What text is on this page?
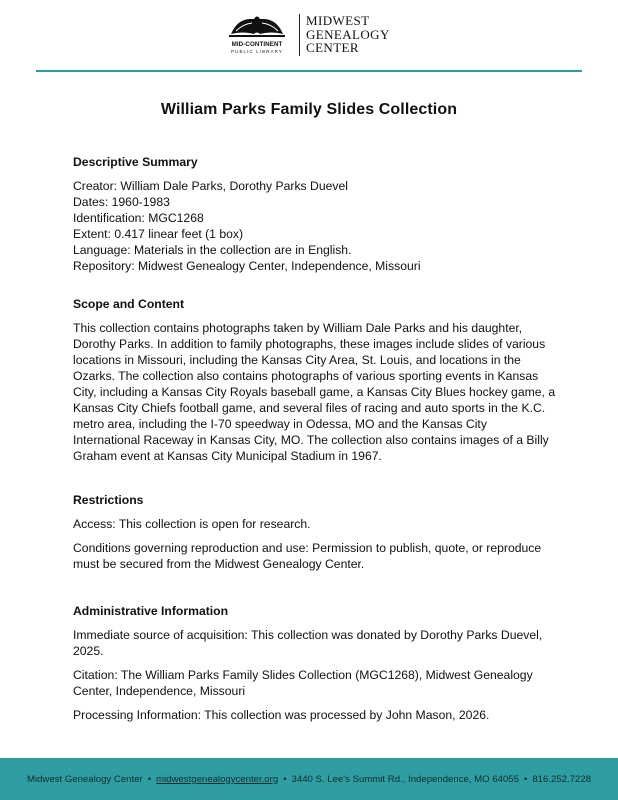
MID-CONTINENT
PUBLIC LIBRARY
MIDWEST
GENEALOGY
CENTER
William Parks Family Slides Collection
Descriptive Summary
Creator: William Dale Parks, Dorothy Parks Duevel
Dates: 1960-1983
Identification: MGC1268
Extent: 0.417 linear feet (1 box)
Language: Materials in the collection are in English.
Repository: Midwest Genealogy Center, Independence, Missouri
Scope and Content
This collection contains photographs taken by William Dale Parks and his daughter,
Dorothy Parks. In addition to family photographs, these images include slides of various
locations in Missouri, including the Kansas City Area, St. Louis, and locations in the
Ozarks. The collection also contains photographs of various sporting events in Kansas
City, including a Kansas City Royals baseball game, a Kansas City Blues hockey game, a
Kansas City Chiefs football game, and several files of racing and auto sports in the K.C.
metro area, including the I-70 speedway in Odessa, MO and the Kansas City
International Raceway in Kansas City, MO. The collection also contains images of a Billy
Graham event at Kansas City Municipal Stadium in 1967.
Restrictions
Access: This collection is open for research.
Conditions governing reproduction and use: Permission to publish, quote, or reproduce
must be secured from the Midwest Genealogy Center.
Administrative Information
Immediate source of acquisition: This collection was donated by Dorothy Parks Duevel,
2025.
Citation: The William Parks Family Slides Collection (MGC1268), Midwest Genealogy
Center, Independence, Missouri
Processing Information: This collection was processed by John Mason, 2026.
Midwest Genealogy Center • midwestgenealogycenter.org • 3440 S. Lee's Summit Rd., Independence, MO 64055 • 816.252.7228
